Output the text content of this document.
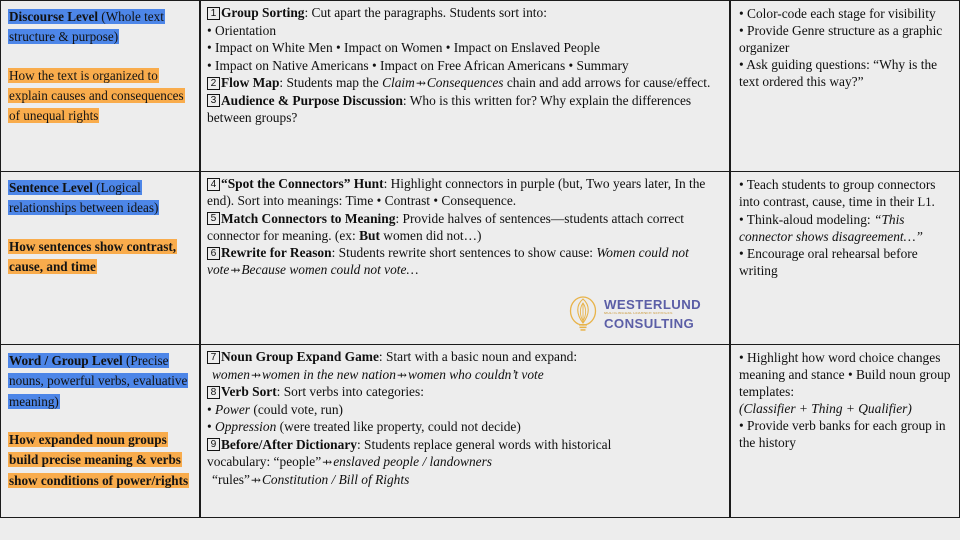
Discourse Level (Whole text structure & purpose)

How the text is organized to explain causes and consequences of unequal rights

1 Group Sorting: Cut apart the paragraphs. Students sort into:

• Orientation

• Impact on White Men • Impact on Women • Impact on Enslaved People

• Impact on Native Americans • Impact on Free African Americans • Summary

2 Flow Map: Students map the Claim⇸Consequences chain and add arrows for cause/effect.

3 Audience & Purpose Discussion: Who is this written for? Why explain the differences between groups?

• Color-code each stage for visibility

• Provide Genre structure as a graphic organizer

• Ask guiding questions: “Why is the text ordered this way?”

Sentence Level (Logical relationships between ideas)

How sentences show contrast, cause, and time

4 “Spot the Connectors” Hunt: Highlight connectors in purple (but, Two years later, In the end). Sort into meanings: Time • Contrast • Consequence.

5 Match Connectors to Meaning: Provide halves of sentences—students attach correct connector for meaning. (ex: But women did not…)

6 Rewrite for Reason: Students rewrite short sentences to show cause: Women could not vote⇸Because women could not vote…

• Teach students to group connectors into contrast, cause, time in their L1.

• Think-aloud modeling: “This connector shows disagreement…”

• Encourage oral rehearsal before writing

Word / Group Level (Precise nouns, powerful verbs, evaluative meaning)

How expanded noun groups build precise meaning & verbs show conditions of power/rights

7 Noun Group Expand Game: Start with a basic noun and expand:

women⇸women in the new nation⇸women who couldn’t vote

8 Verb Sort: Sort verbs into categories:

• Power (could vote, run)

• Oppression (were treated like property, could not decide)

9 Before/After Dictionary: Students replace general words with historical

vocabulary: “people”⇸enslaved people / landowners

“rules”⇸Constitution / Bill of Rights

• Highlight how word choice changes meaning and stance • Build noun group templates:

(Classifier + Thing + Qualifier)

• Provide verb banks for each group in the history

WESTERLUND
MULTILINGUAL LEARNER SERVICES
CONSULTING
